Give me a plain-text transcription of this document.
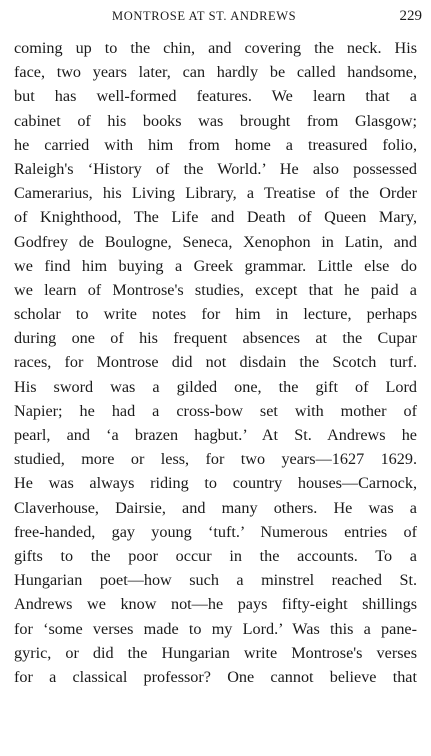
MONTROSE AT ST. ANDREWS	229
coming up to the chin, and covering the neck. His
face, two years later, can hardly be called handsome,
but has well-formed features. We learn that a
cabinet of his books was brought from Glasgow;
he carried with him from home a treasured folio,
Raleigh's ‘History of the World.’ He also possessed
Camerarius, his Living Library, a Treatise of the Order
of Knighthood, The Life and Death of Queen Mary,
Godfrey de Boulogne, Seneca, Xenophon in Latin, and
we find him buying a Greek grammar. Little else do
we learn of Montrose's studies, except that he paid a
scholar to write notes for him in lecture, perhaps
during one of his frequent absences at the Cupar
races, for Montrose did not disdain the Scotch turf.
His sword was a gilded one, the gift of Lord
Napier; he had a cross-bow set with mother of
pearl, and ‘a brazen hagbut.’ At St. Andrews he
studied, more or less, for two years—1627 1629.
He was always riding to country houses—Carnock,
Claverhouse, Dairsie, and many others. He was a
free-handed, gay young ‘tuft.’ Numerous entries of
gifts to the poor occur in the accounts. To a
Hungarian poet—how such a minstrel reached St.
Andrews we know not—he pays fifty-eight shillings
for ‘some verses made to my Lord.’ Was this a pane-
gyric, or did the Hungarian write Montrose's verses
for a classical professor? One cannot believe that
